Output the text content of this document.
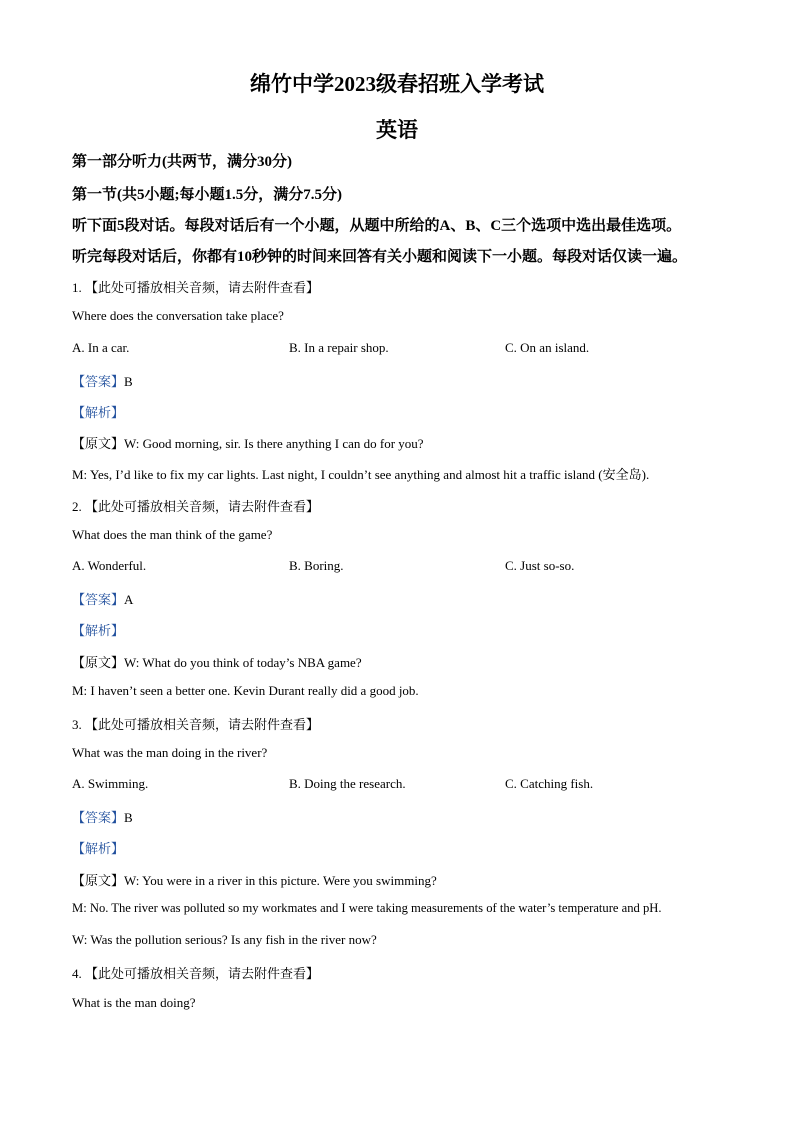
绵竹中学2023级春招班入学考试
英语
第一部分听力(共两节，满分30分)
第一节(共5小题;每小题1.5分，满分7.5分)
听下面5段对话。每段对话后有一个小题，从题中所给的A、B、C三个选项中选出最佳选项。
听完每段对话后，你都有10秒钟的时间来回答有关小题和阅读下一小题。每段对话仅读一遍。
1. 【此处可播放相关音频，请去附件查看】
Where does the conversation take place?
A. In a car.	B. In a repair shop.	C. On an island.
【答案】B
【解析】
【原文】W: Good morning, sir. Is there anything I can do for you?
M: Yes, I’d like to fix my car lights. Last night, I couldn’t see anything and almost hit a traffic island (安全岛).
2. 【此处可播放相关音频，请去附件查看】
What does the man think of the game?
A. Wonderful.	B. Boring.	C. Just so-so.
【答案】A
【解析】
【原文】W: What do you think of today’s NBA game?
M: I haven’t seen a better one. Kevin Durant really did a good job.
3. 【此处可播放相关音频，请去附件查看】
What was the man doing in the river?
A. Swimming.	B. Doing the research.	C. Catching fish.
【答案】B
【解析】
【原文】W: You were in a river in this picture. Were you swimming?
M: No. The river was polluted so my workmates and I were taking measurements of the water’s temperature and pH.
W: Was the pollution serious? Is any fish in the river now?
4. 【此处可播放相关音频，请去附件查看】
What is the man doing?
